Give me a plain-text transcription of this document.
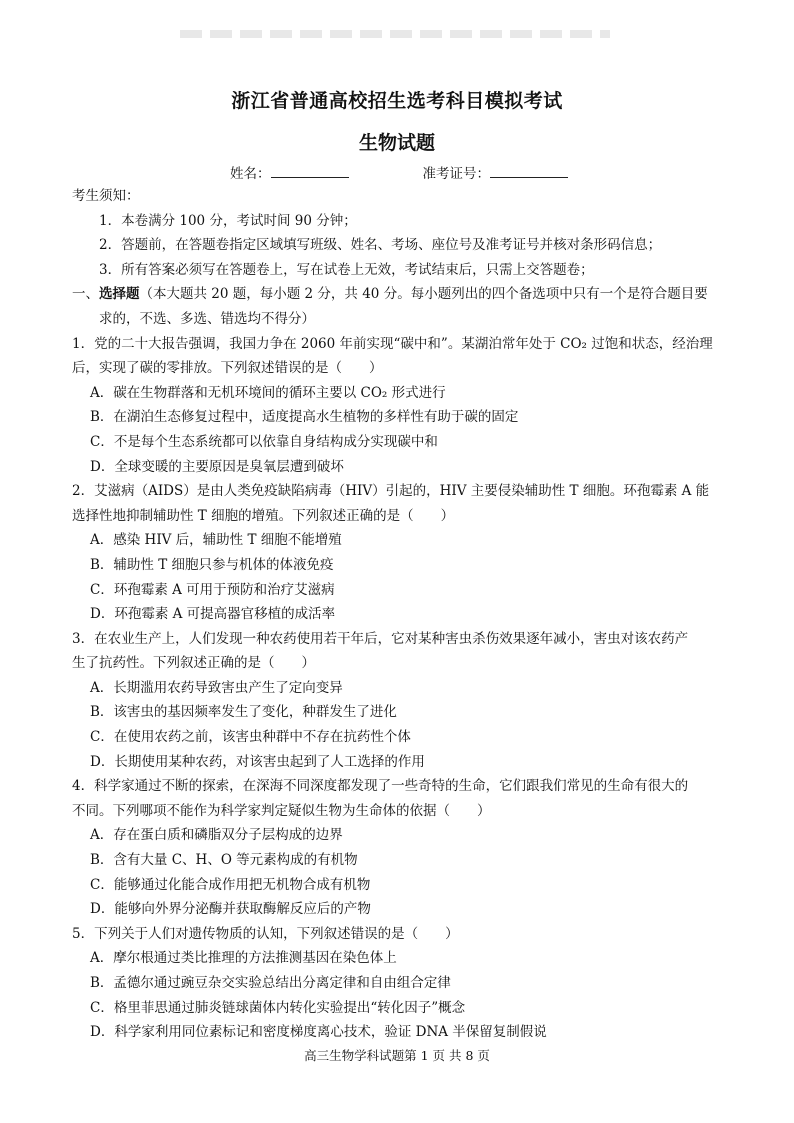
浙江省普通高校招生选考科目模拟考试
生物试题
姓名：	准考证号：
考生须知：
1．本卷满分 100 分，考试时间 90 分钟；
2．答题前，在答题卷指定区域填写班级、姓名、考场、座位号及准考证号并核对条形码信息；
3．所有答案必须写在答题卷上，写在试卷上无效，考试结束后，只需上交答题卷；
一、选择题（本大题共 20 题，每小题 2 分，共 40 分。每小题列出的四个备选项中只有一个是符合题目要
求的，不选、多选、错选均不得分）
1．党的二十大报告强调，我国力争在 2060 年前实现“碳中和”。某湖泊常年处于 CO₂ 过饱和状态，经治理
后，实现了碳的零排放。下列叙述错误的是（　　）
A．碳在生物群落和无机环境间的循环主要以 CO₂ 形式进行
B．在湖泊生态修复过程中，适度提高水生植物的多样性有助于碳的固定
C．不是每个生态系统都可以依靠自身结构成分实现碳中和
D．全球变暖的主要原因是臭氧层遭到破坏
2．艾滋病（AIDS）是由人类免疫缺陷病毒（HIV）引起的，HIV 主要侵染辅助性 T 细胞。环孢霉素 A 能
选择性地抑制辅助性 T 细胞的增殖。下列叙述正确的是（　　）
A．感染 HIV 后，辅助性 T 细胞不能增殖
B．辅助性 T 细胞只参与机体的体液免疫
C．环孢霉素 A 可用于预防和治疗艾滋病
D．环孢霉素 A 可提高器官移植的成活率
3．在农业生产上，人们发现一种农药使用若干年后，它对某种害虫杀伤效果逐年减小，害虫对该农药产
生了抗药性。下列叙述正确的是（　　）
A．长期滥用农药导致害虫产生了定向变异
B．该害虫的基因频率发生了变化，种群发生了进化
C．在使用农药之前，该害虫种群中不存在抗药性个体
D．长期使用某种农药，对该害虫起到了人工选择的作用
4．科学家通过不断的探索，在深海不同深度都发现了一些奇特的生命，它们跟我们常见的生命有很大的
不同。下列哪项不能作为科学家判定疑似生物为生命体的依据（　　）
A．存在蛋白质和磷脂双分子层构成的边界
B．含有大量 C、H、O 等元素构成的有机物
C．能够通过化能合成作用把无机物合成有机物
D．能够向外界分泌酶并获取酶解反应后的产物
5．下列关于人们对遗传物质的认知，下列叙述错误的是（　　）
A．摩尔根通过类比推理的方法推测基因在染色体上
B．孟德尔通过豌豆杂交实验总结出分离定律和自由组合定律
C．格里菲思通过肺炎链球菌体内转化实验提出“转化因子”概念
D．科学家利用同位素标记和密度梯度离心技术，验证 DNA 半保留复制假说
高三生物学科试题第 1 页 共 8 页
